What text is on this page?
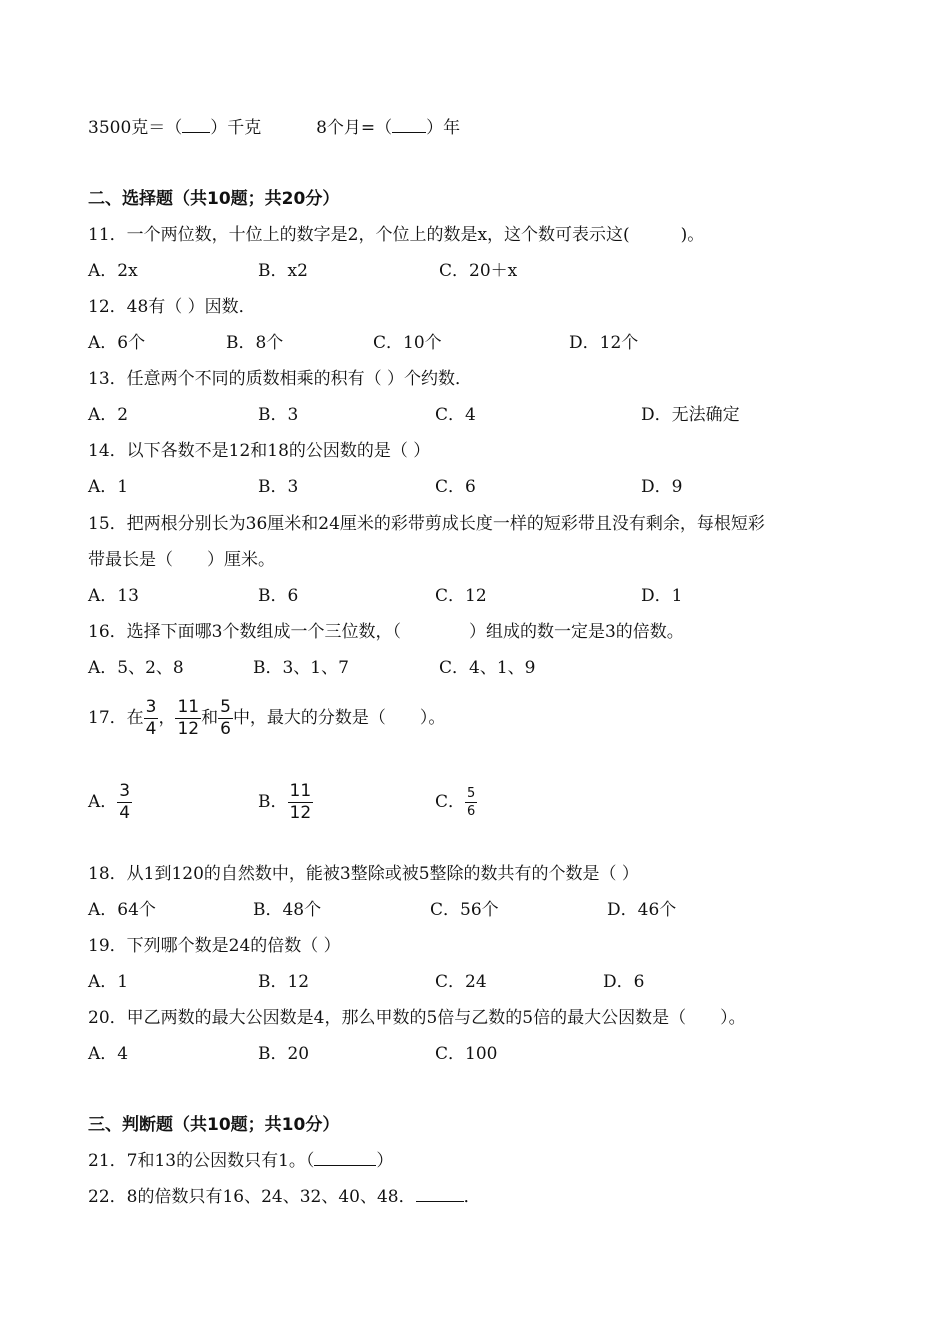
3500克＝（ ）千克	8个月=（ ）年
二、选择题（共10题；共20分）
11．一个两位数，十位上的数字是2，个位上的数是x，这个数可表示这(　　　)。
A．2x	B．x2	C．20＋x
12．48有（ ）因数．
A．6个	B．8个	C．10个	D．12个
13．任意两个不同的质数相乘的积有（ ）个约数．
A．2	B．3	C．4	D．无法确定
14．以下各数不是12和18的公因数的是（ ）
A．1	B．3	C．6	D．9
15．把两根分别长为36厘米和24厘米的彩带剪成长度一样的短彩带且没有剩余，每根短彩
带最长是（　　）厘米。
A．13	B．6	C．12	D．1
16．选择下面哪3个数组成一个三位数，（　　　　）组成的数一定是3的倍数。
A．5、2、8	B．3、1、7	C．4、1、9
17．在 $\frac{3}{4}$ ， $\frac{11}{12}$ 和 $\frac{5}{6}$ 中，最大的分数是（　　）。
A． $\frac{3}{4}$	B． $\frac{11}{12}$	C． $\frac{5}{6}$
18．从1到120的自然数中，能被3整除或被5整除的数共有的个数是（ ）
A．64个	B．48个	C．56个	D．46个
19．下列哪个数是24的倍数（ ）
A．1	B．12	C．24	D．6
20．甲乙两数的最大公因数是4，那么甲数的5倍与乙数的5倍的最大公因数是（　　）。
A．4	B．20	C．100
三、判断题（共10题；共10分）
21．7和13的公因数只有1。（	）
22．8的倍数只有16、24、32、40、48．	．
